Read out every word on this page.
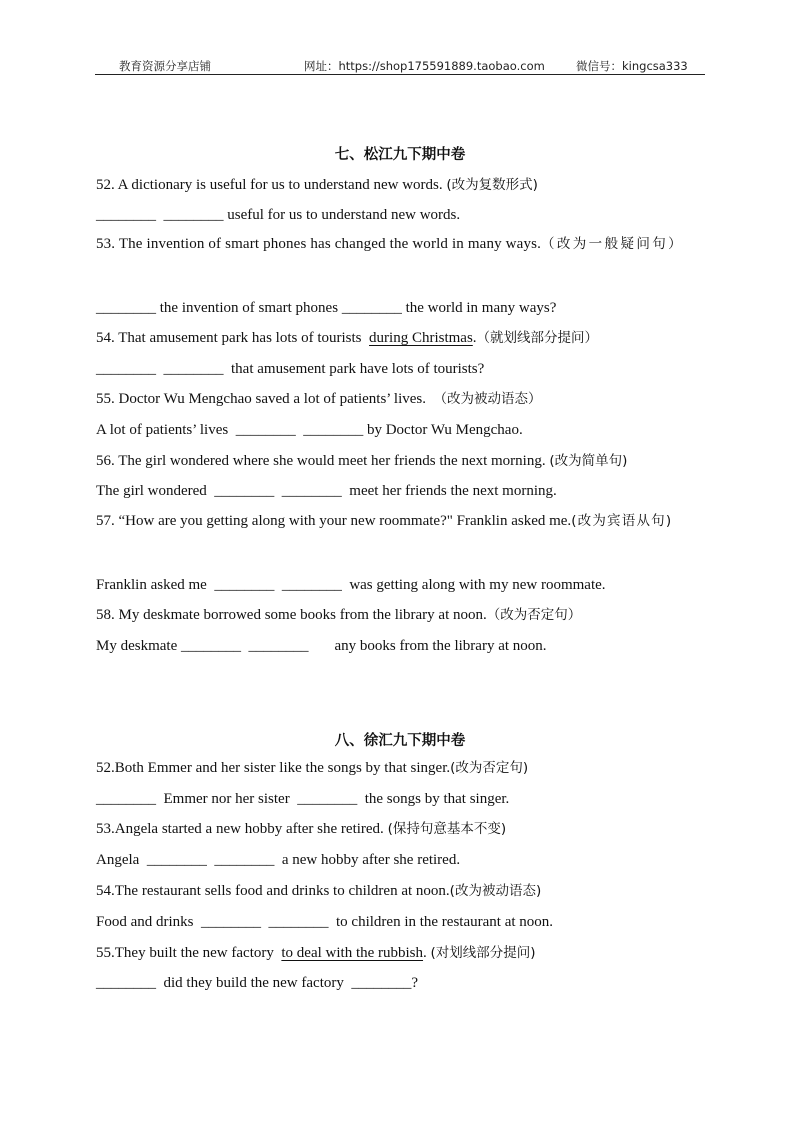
教育资源分享店铺	网址：https://shop175591889.taobao.com	微信号：kingcsa333
七、松江九下期中卷
52. A dictionary is useful for us to understand new words. (改为复数形式)
________  ________ useful for us to understand new words.
53. The invention of smart phones has changed the world in many ways.（改为一般疑问句）
________ the invention of smart phones ________ the world in many ways?
54. That amusement park has lots of tourists  during Christmas.（就划线部分提问）
________  ________  that amusement park have lots of tourists?
55. Doctor Wu Mengchao saved a lot of patients’ lives.  （改为被动语态）
A lot of patients’ lives  ________  ________ by Doctor Wu Mengchao.
56. The girl wondered where she would meet her friends the next morning. (改为简单句)
The girl wondered  ________  ________  meet her friends the next morning.
57. “How are you getting along with your new roommate?" Franklin asked me.(改为宾语从句)
Franklin asked me  ________  ________  was getting along with my new roommate.
58. My deskmate borrowed some books from the library at noon.（改为否定句）
My deskmate ________  ________ any books from the library at noon.
八、徐汇九下期中卷
52.Both Emmer and her sister like the songs by that singer.(改为否定句)
________  Emmer nor her sister  ________  the songs by that singer.
53.Angela started a new hobby after she retired. (保持句意基本不变)
Angela  ________  ________  a new hobby after she retired.
54.The restaurant sells food and drinks to children at noon.(改为被动语态)
Food and drinks  ________  ________  to children in the restaurant at noon.
55.They built the new factory  to deal with the rubbish. (对划线部分提问)
________  did they build the new factory  ________?
